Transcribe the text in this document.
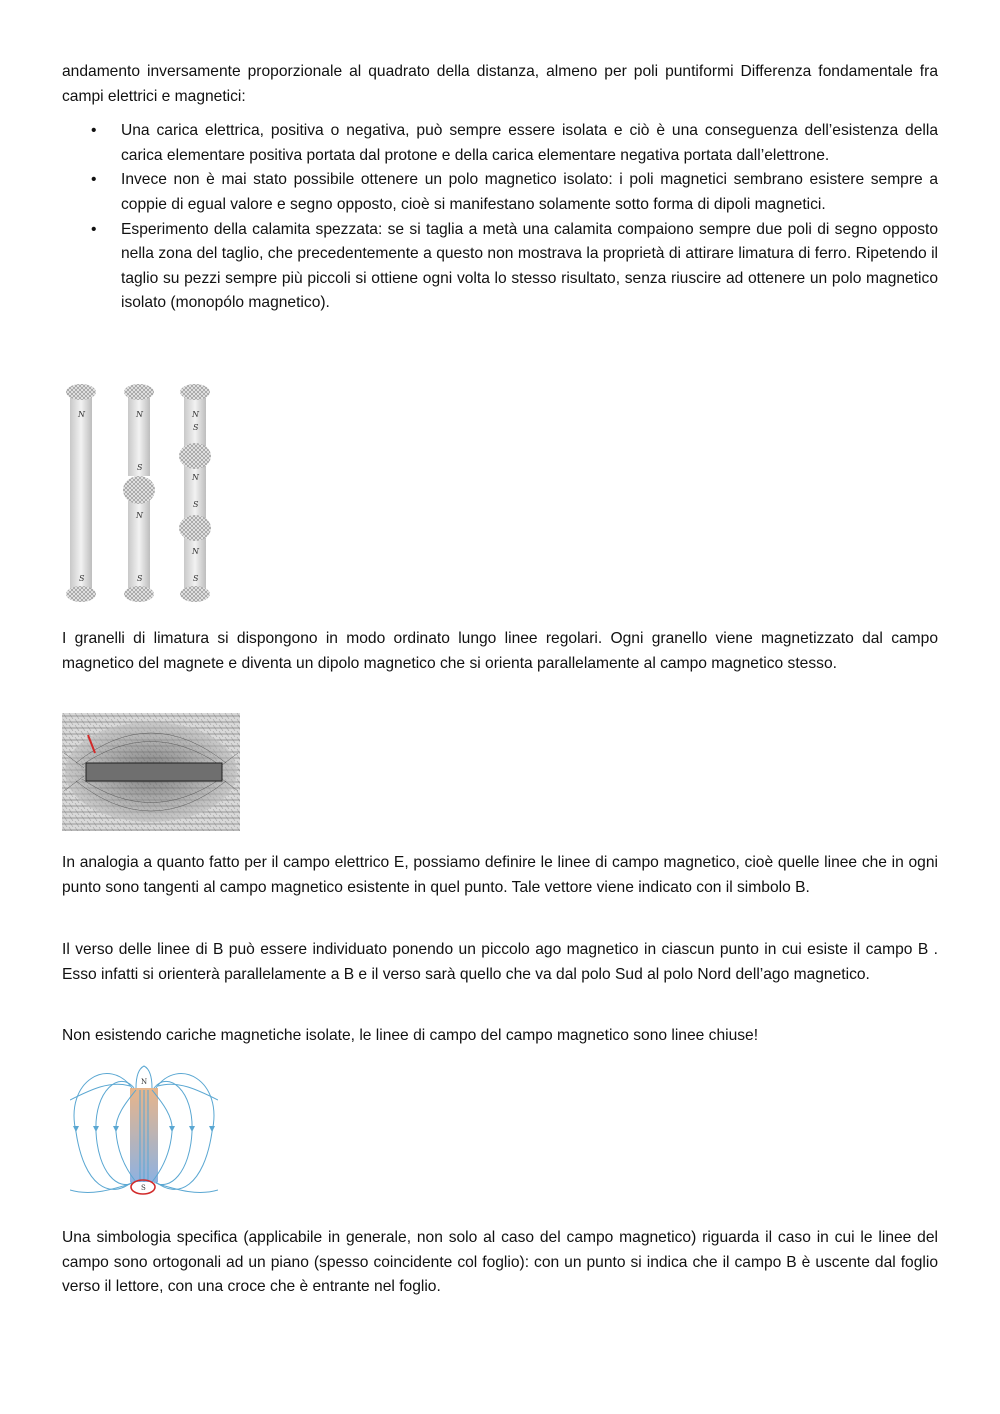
andamento inversamente proporzionale al quadrato della distanza, almeno per poli puntiformi Differenza fondamentale fra campi elettrici e magnetici:

• Una carica elettrica, positiva o negativa, può sempre essere isolata e ciò è una conseguenza dell’esistenza della carica elementare positiva portata dal protone e della carica elementare negativa portata dall’elettrone.
• Invece non è mai stato possibile ottenere un polo magnetico isolato: i poli magnetici sembrano esistere sempre a coppie di egual valore e segno opposto, cioè si manifestano solamente sotto forma di dipoli magnetici.
• Esperimento della calamita spezzata: se si taglia a metà una calamita compaiono sempre due poli di segno opposto nella zona del taglio, che precedentemente a questo non mostrava la proprietà di attirare limatura di ferro. Ripetendo il taglio su pezzi sempre più piccoli si ottiene ogni volta lo stesso risultato, senza riuscire ad ottenere un polo magnetico isolato (monopólo magnetico).
N
S
N
S
N
S
N
S
N
S
N
S

I granelli di limatura si dispongono in modo ordinato lungo linee regolari. Ogni granello viene magnetizzato dal campo magnetico del magnete e diventa un dipolo magnetico che si orienta parallelamente al campo magnetico stesso.

In analogia a quanto fatto per il campo elettrico E, possiamo definire le linee di campo magnetico, cioè quelle linee che in ogni punto sono tangenti al campo magnetico esistente in quel punto. Tale vettore viene indicato con il simbolo B.

Il verso delle linee di B può essere individuato ponendo un piccolo ago magnetico in ciascun punto in cui esiste il campo B . Esso infatti si orienterà parallelamente a B e il verso sarà quello che va dal polo Sud al polo Nord dell’ago magnetico.

Non esistendo cariche magnetiche isolate, le linee di campo del campo magnetico sono linee chiuse!

N
S

Una simbologia specifica (applicabile in generale, non solo al caso del campo magnetico) riguarda il caso in cui le linee del campo sono ortogonali ad un piano (spesso coincidente col foglio): con un punto si indica che il campo B è uscente dal foglio verso il lettore, con una croce che è entrante nel foglio.
